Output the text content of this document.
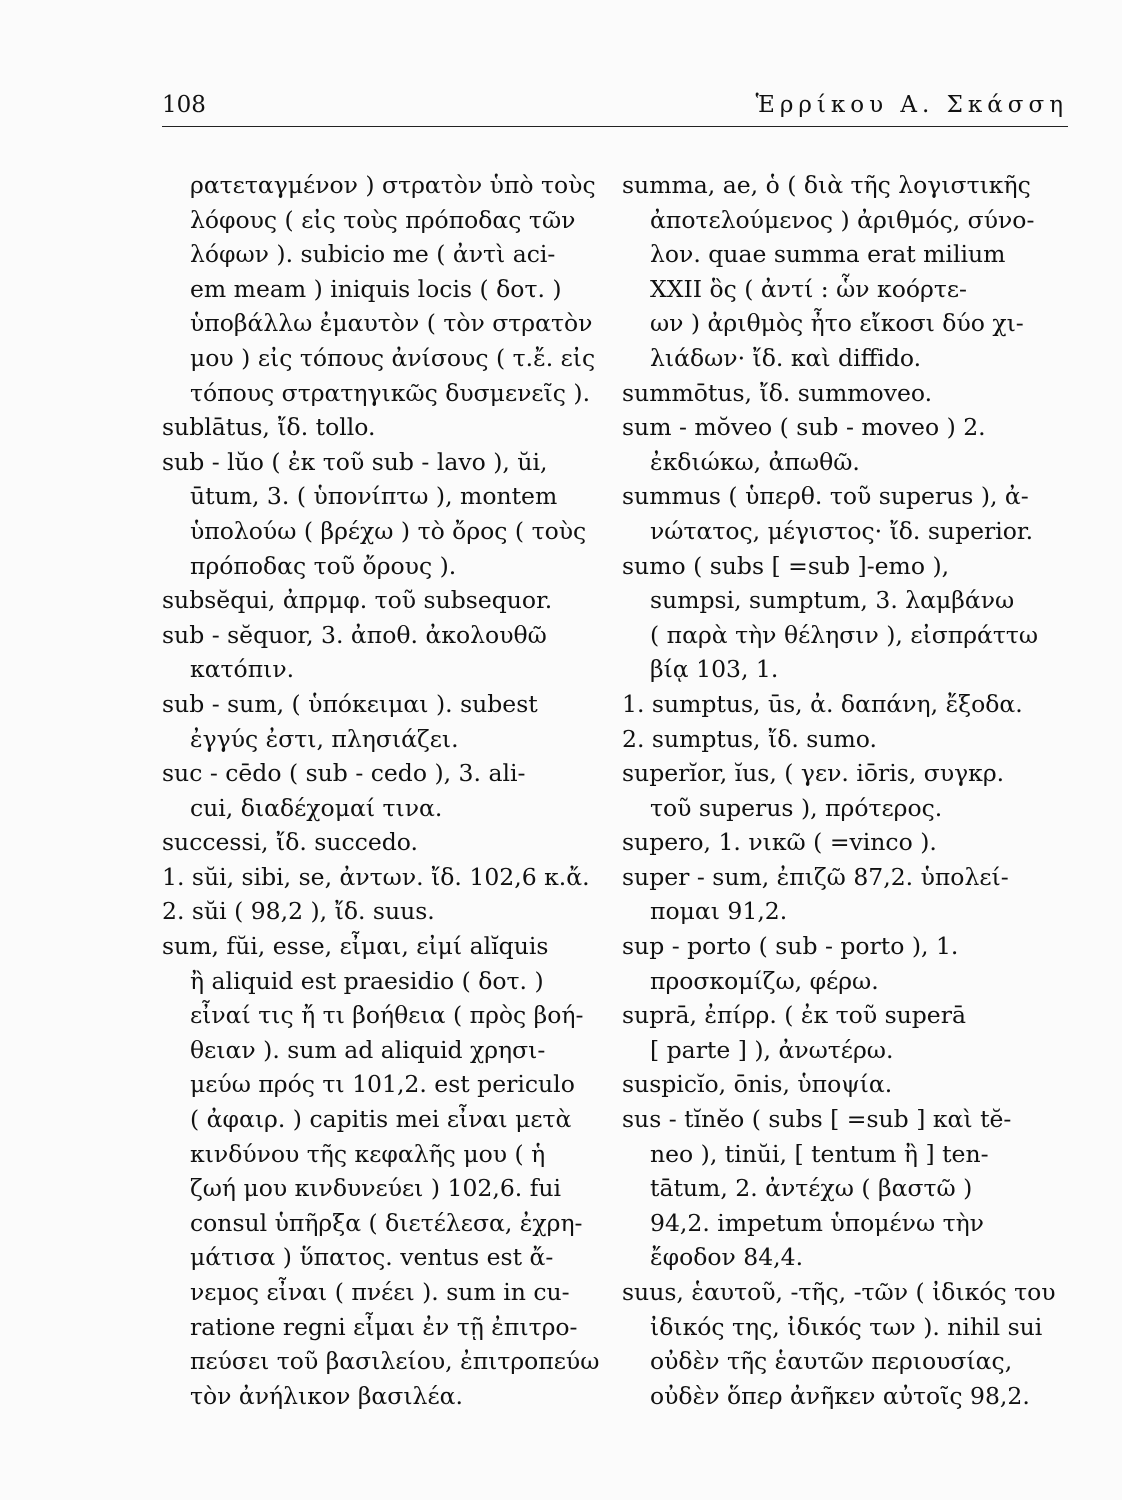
108	Ἑρρίκου Α. Σκάσση
ρατεταγμένον ) στρατὸν ὑπὸ τοὺς
λόφους ( εἰς τοὺς πρόποδας τῶν
λόφων ). subicio me ( ἀντὶ aci-
em meam ) iniquis locis ( δοτ. )
ὑποβάλλω ἐμαυτὸν ( τὸν στρατὸν
μου ) εἰς τόπους ἀνίσους ( τ.ἔ. εἰς
τόπους στρατηγικῶς δυσμενεῖς ).
sublātus, ἴδ. tollo.
sub - lŭo ( ἐκ τοῦ sub - lavo ), ŭi,
ūtum, 3. ( ὑπονίπτω ), montem
ὑπολούω ( βρέχω ) τὸ ὄρος ( τοὺς
πρόποδας τοῦ ὄρους ).
subsĕqui, ἀπρμφ. τοῦ subsequor.
sub - sĕquor, 3. ἀποθ. ἀκολουθῶ
κατόπιν.
sub - sum, ( ὑπόκειμαι ). subest
ἐγγύς ἐστι, πλησιάζει.
suc - cēdo ( sub - cedo ), 3. ali-
cui, διαδέχομαί τινα.
successi, ἴδ. succedo.
1. sŭi, sibi, se, ἀντων. ἴδ. 102,6 κ.ἄ.
2. sŭi ( 98,2 ), ἴδ. suus.
sum, fŭi, esse, εἶμαι, εἰμί alĭquis
ἢ aliquid est praesidio ( δοτ. )
εἶναί τις ἤ τι βοήθεια ( πρὸς βοή-
θειαν ). sum ad aliquid χρησι-
μεύω πρός τι 101,2. est periculo
( ἀφαιρ. ) capitis mei εἶναι μετὰ
κινδύνου τῆς κεφαλῆς μου ( ἡ
ζωή μου κινδυνεύει ) 102,6. fui
consul ὑπῆρξα ( διετέλεσα, ἐχρη-
μάτισα ) ὕπατος. ventus est ἄ-
νεμος εἶναι ( πνέει ). sum in cu-
ratione regni εἶμαι ἐν τῇ ἐπιτρο-
πεύσει τοῦ βασιλείου, ἐπιτροπεύω
τὸν ἀνήλικον βασιλέα.
summa, ae, ὁ ( διὰ τῆς λογιστικῆς
ἀποτελούμενος ) ἀριθμός, σύνο-
λον. quae summa erat milium
XXII ὃς ( ἀντί : ὧν κοόρτε-
ων ) ἀριθμὸς ἦτο εἴκοσι δύο χι-
λιάδων· ἴδ. καὶ diffido.
summōtus, ἴδ. summoveo.
sum - mŏveo ( sub - moveo ) 2.
ἐκδιώκω, ἀπωθῶ.
summus ( ὑπερθ. τοῦ superus ), ἀ-
νώτατος, μέγιστος· ἴδ. superior.
sumo ( subs [ =sub ]-emo ),
sumpsi, sumptum, 3. λαμβάνω
( παρὰ τὴν θέλησιν ), εἰσπράττω
βίᾳ 103, 1.
1. sumptus, ūs, ἀ. δαπάνη, ἔξοδα.
2. sumptus, ἴδ. sumo.
superĭor, ĭus, ( γεν. iōris, συγκρ.
τοῦ superus ), πρότερος.
supero, 1. νικῶ ( =vinco ).
super - sum, ἐπιζῶ 87,2. ὑπολεί-
πομαι 91,2.
sup - porto ( sub - porto ), 1.
προσκομίζω, φέρω.
suprā, ἐπίρρ. ( ἐκ τοῦ superā
[ parte ] ), ἀνωτέρω.
suspicĭo, ōnis, ὑποψία.
sus - tĭnĕo ( subs [ =sub ] καὶ tĕ-
neo ), tinŭi, [ tentum ἢ ] ten-
tātum, 2. ἀντέχω ( βαστῶ )
94,2. impetum ὑπομένω τὴν
ἔφοδον 84,4.
suus, ἑαυτοῦ, -τῆς, -τῶν ( ἰδικός του
ἰδικός της, ἰδικός των ). nihil sui
οὐδὲν τῆς ἑαυτῶν περιουσίας,
οὐδὲν ὅπερ ἀνῆκεν αὐτοῖς 98,2.
